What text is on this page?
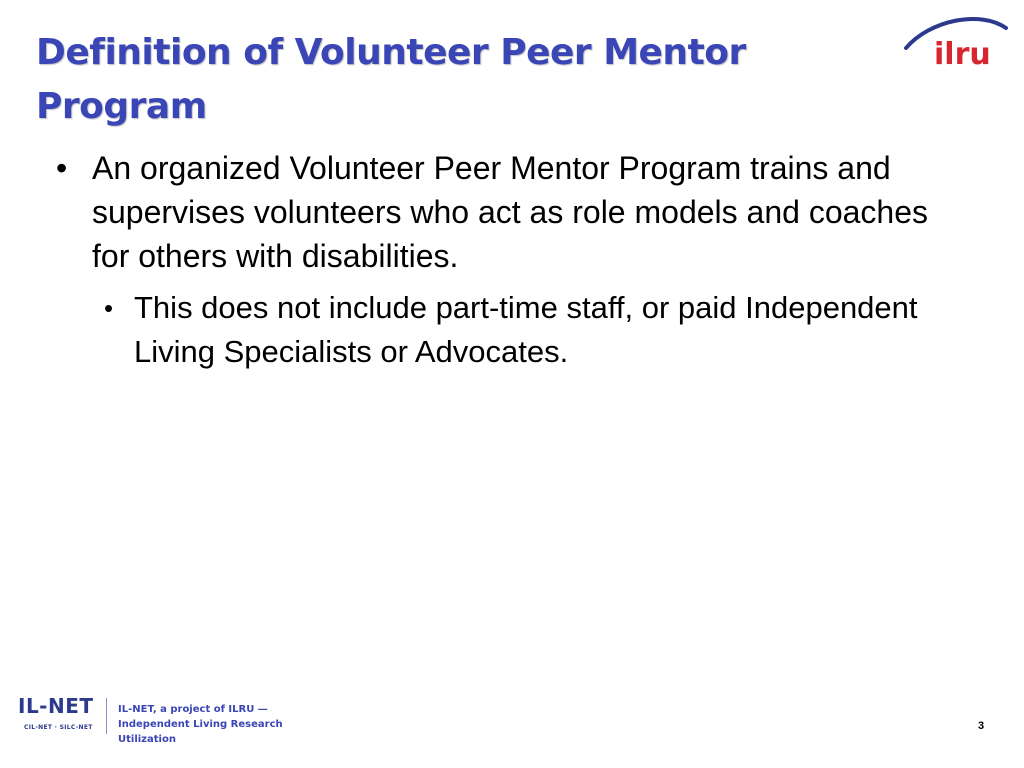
Definition of Volunteer Peer Mentor Program
ilru
• An organized Volunteer Peer Mentor Program trains and supervises volunteers who act as role models and coaches for others with disabilities.
• This does not include part-time staff, or paid Independent Living Specialists or Advocates.
IL-NET
CIL-NET · SILC-NET
IL-NET, a project of ILRU —
Independent Living Research Utilization
3
